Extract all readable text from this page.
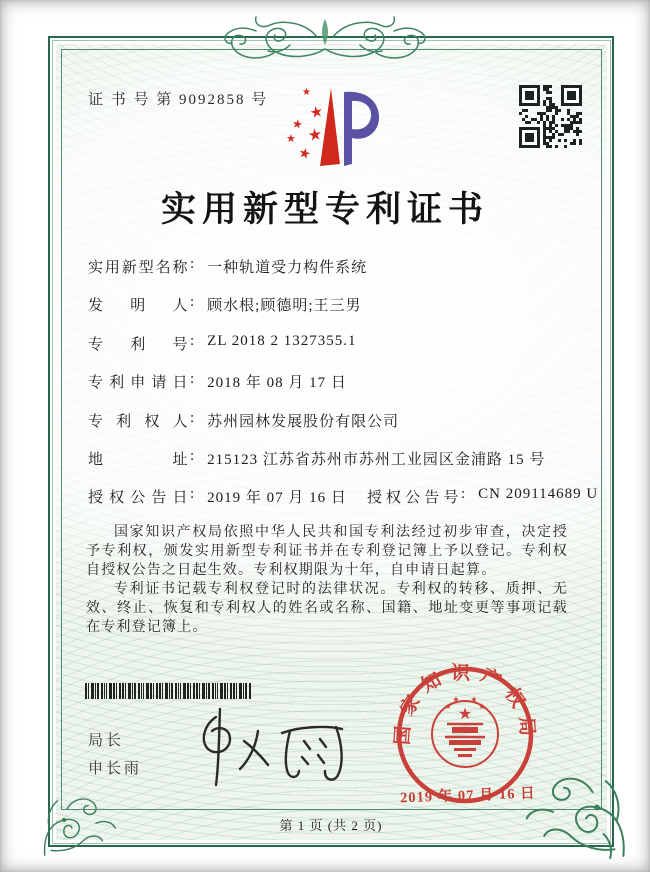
第 1 页 (共 2 页)
证 书 号 第 9092858 号	★
★
★
★
★
★
实用新型专利证书
实用新型名称 : 一种轨道受力构件系统
发明人 : 顾水根;顾德明;王三男
专利号 : ZL 2018 2 1327355.1
专利申请日 : 2018 年 08 月 17 日
专利权人 : 苏州园林发展股份有限公司
地址 : 215123 江苏省苏州市苏州工业园区金浦路 15 号
授权公告日 : 2019 年 07 月 16 日 授权公告号 : CN 209114689 U

国家知识产权局依照中华人民共和国专利法经过初步审查，决定授予专利权，颁发实用新型专利证书并在专利登记簿上予以登记。专利权自授权公告之日起生效。专利权期限为十年，自申请日起算。

专利证书记载专利权登记时的法律状况。专利权的转移、质押、无效、终止、恢复和专利权人的姓名或名称、国籍、地址变更等事项记载在专利登记簿上。

局长
申长雨
国家知识产权局
★
★
★ ★
★
2019 年 07 月 16 日
